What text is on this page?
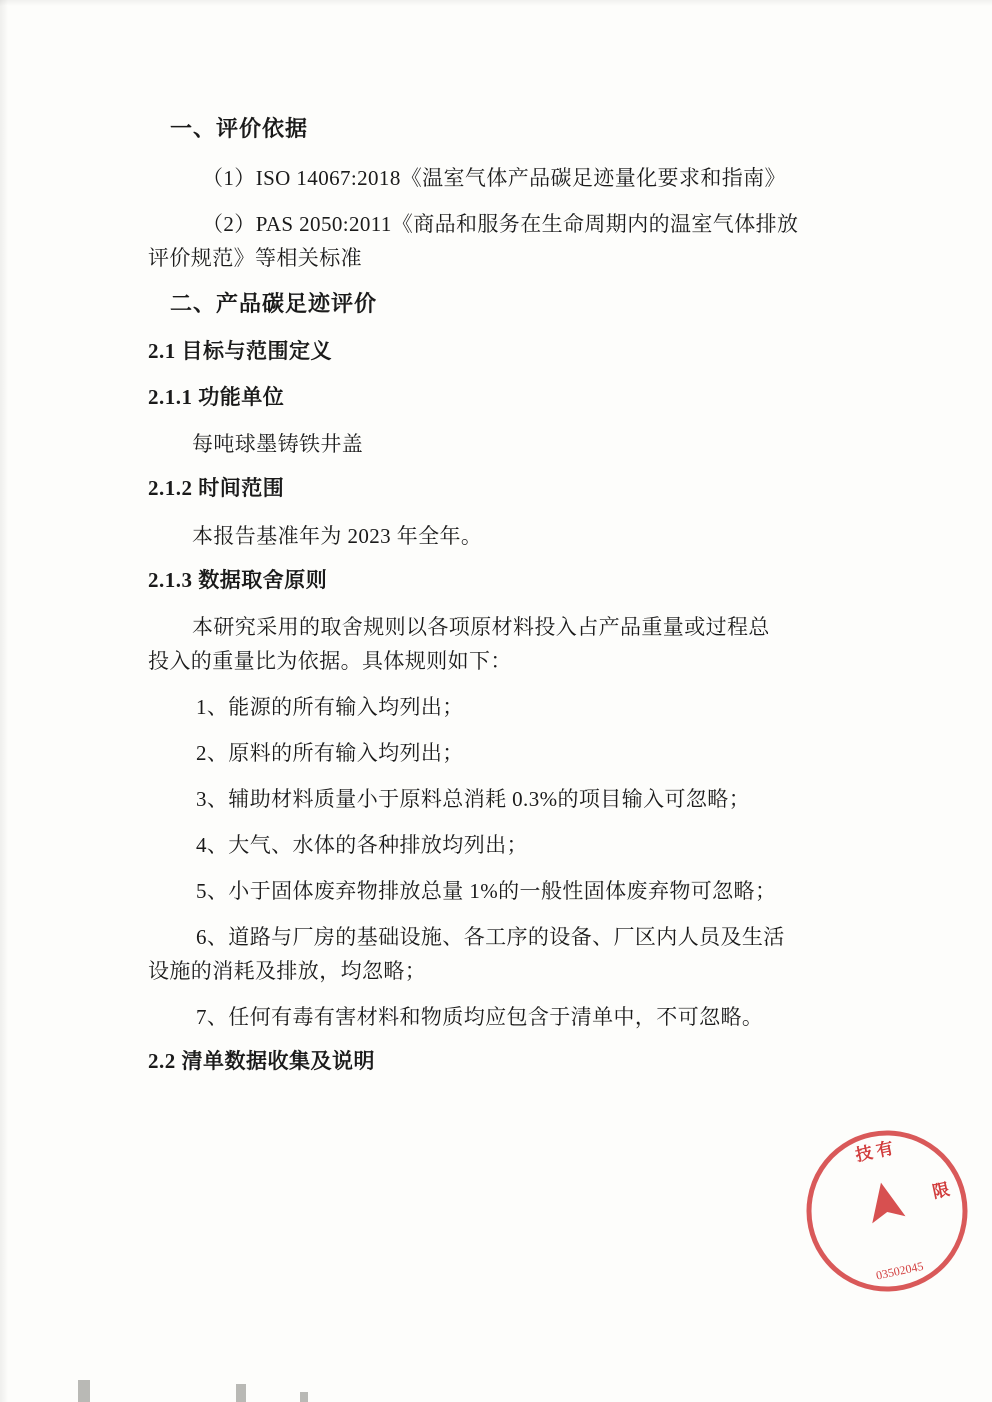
一、评价依据
（1）ISO 14067:2018《温室气体产品碳足迹量化要求和指南》
（2）PAS 2050:2011《商品和服务在生命周期内的温室气体排放
评价规范》等相关标准
二、产品碳足迹评价
2.1 目标与范围定义
2.1.1 功能单位
每吨球墨铸铁井盖
2.1.2 时间范围
本报告基准年为 2023 年全年。
2.1.3 数据取舍原则
本研究采用的取舍规则以各项原材料投入占产品重量或过程总
投入的重量比为依据。具体规则如下：
1、能源的所有输入均列出；
2、原料的所有输入均列出；
3、辅助材料质量小于原料总消耗 0.3%的项目输入可忽略；
4、大气、水体的各种排放均列出；
5、小于固体废弃物排放总量 1%的一般性固体废弃物可忽略；
6、道路与厂房的基础设施、各工序的设备、厂区内人员及生活
设施的消耗及排放，均忽略；
7、任何有毒有害材料和物质均应包含于清单中，不可忽略。
2.2 清单数据收集及说明
技 有
限
03502045
